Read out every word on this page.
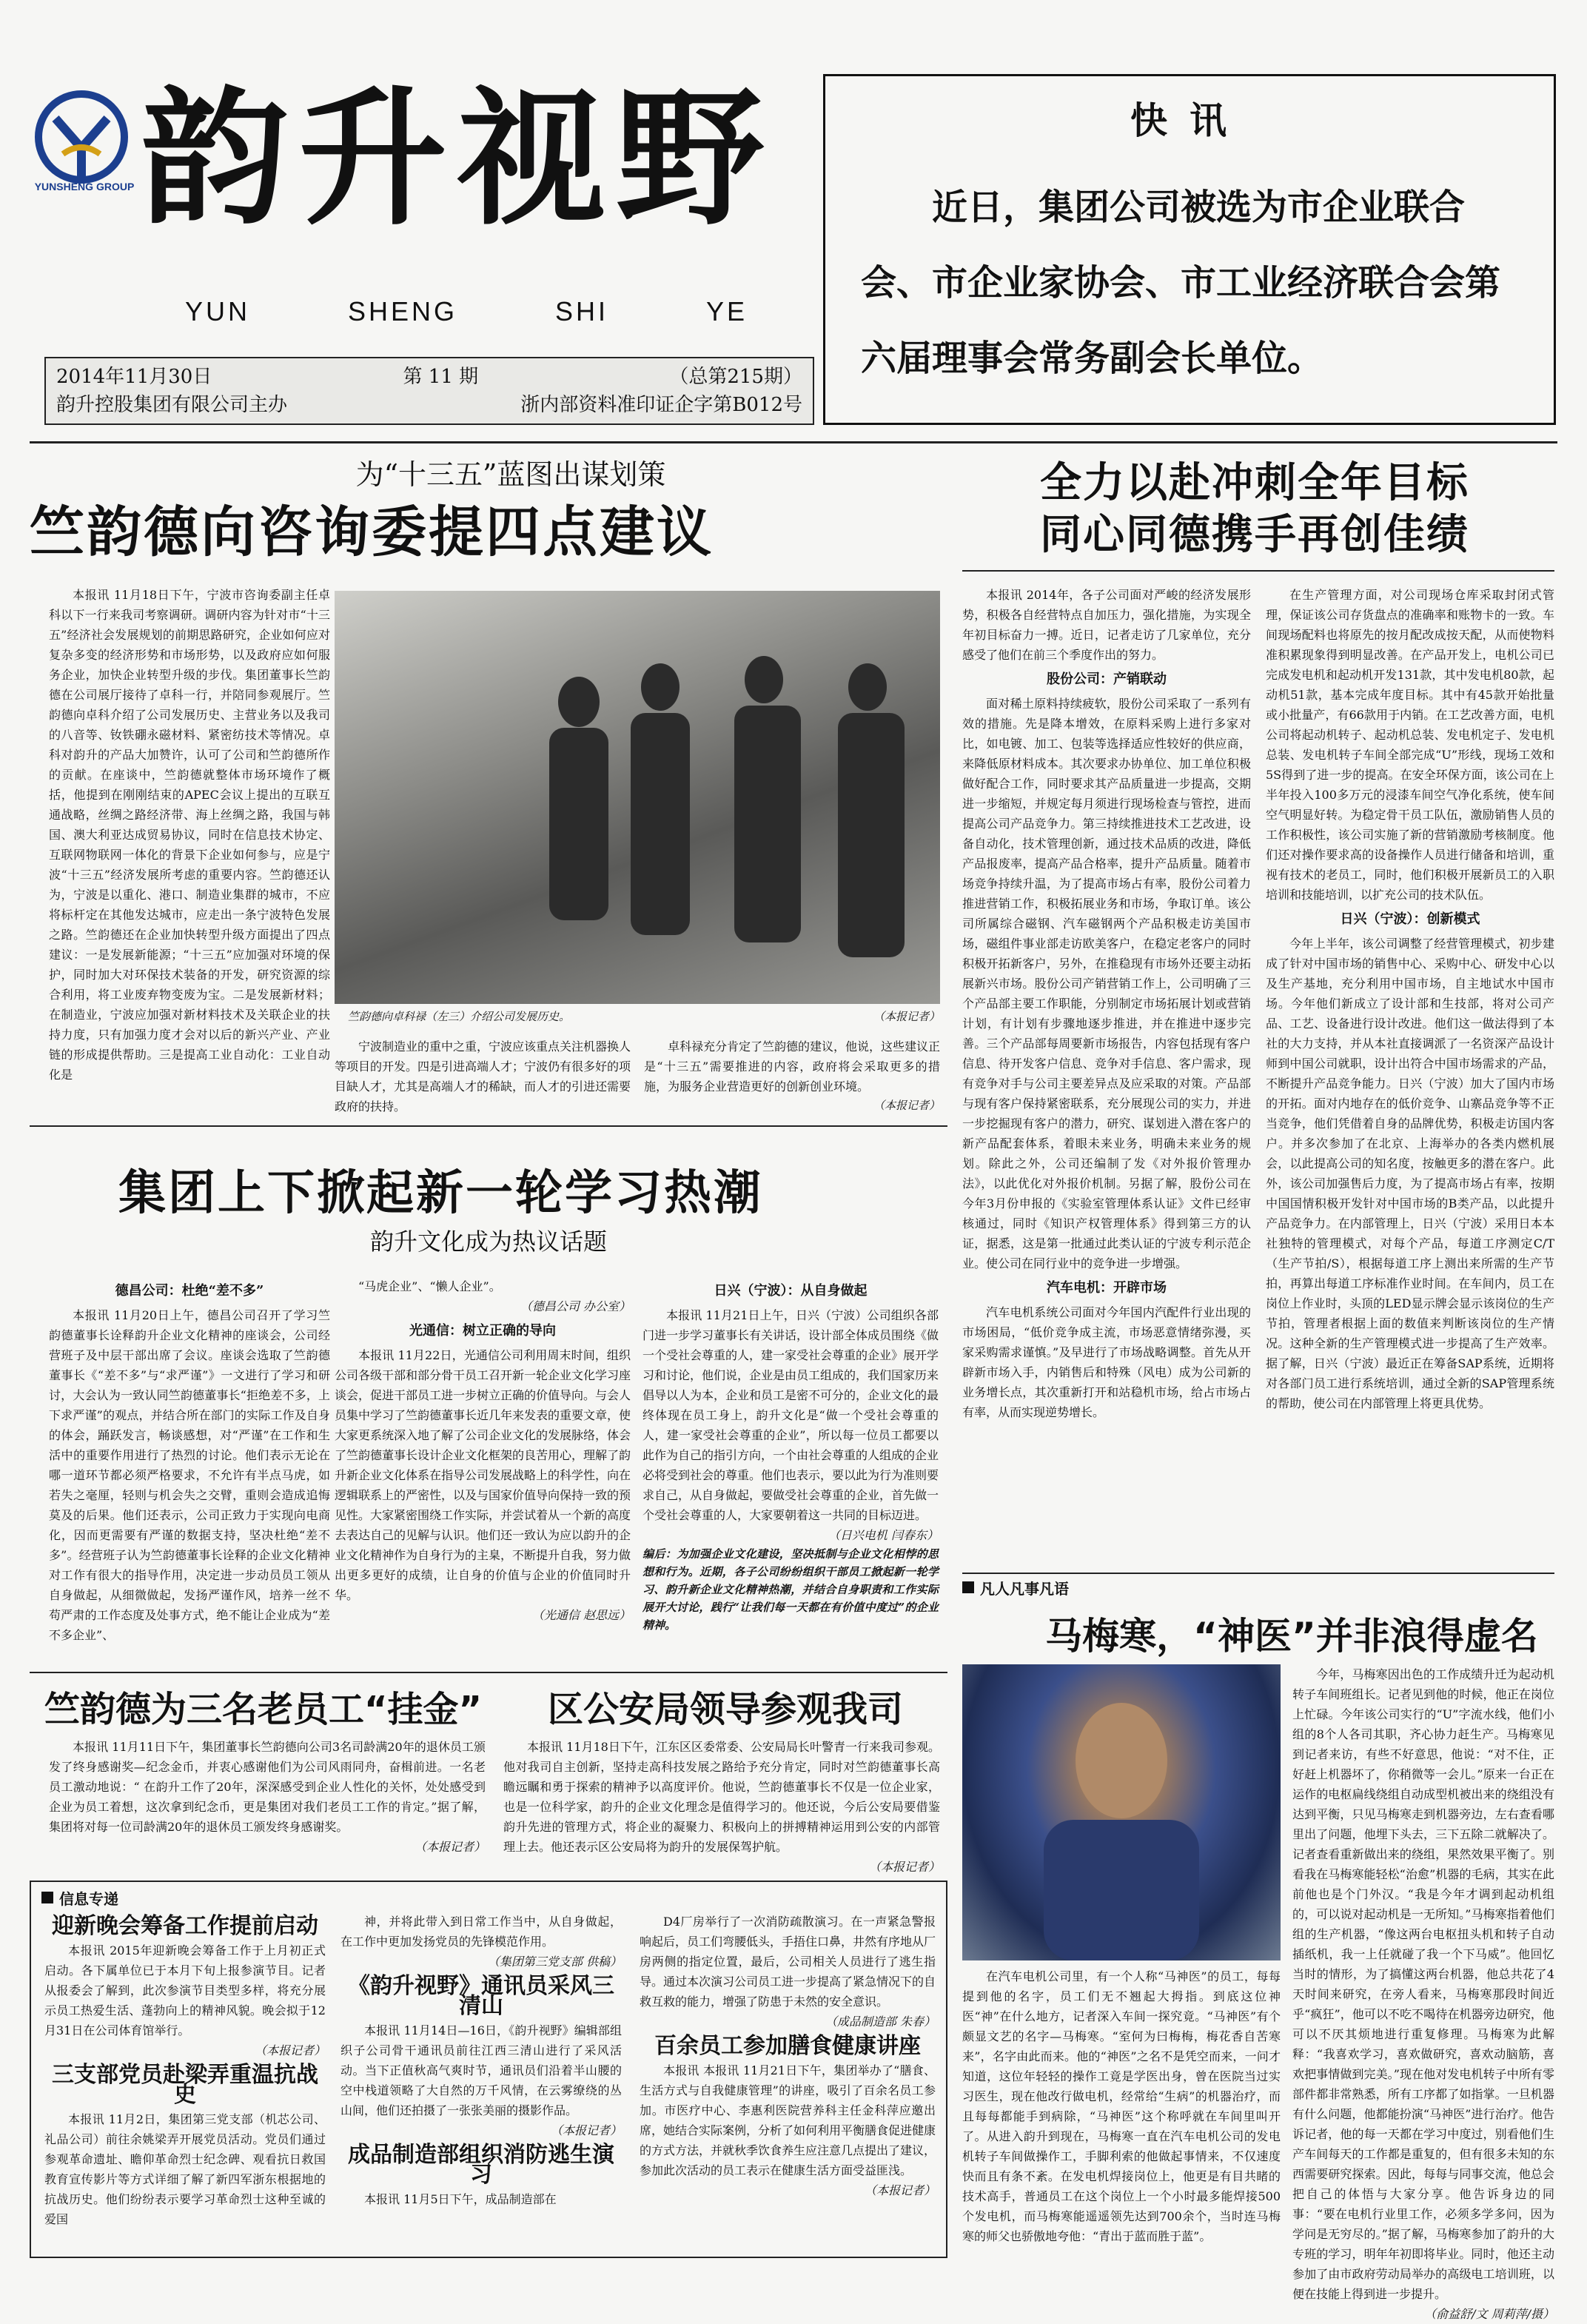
YUNSHENG GROUP 韵升视野
YUN	SHENG	SHI	YE
2014年11月30日	第 11 期	（总第215期）
韵升控股集团有限公司主办	浙内部资料准印证企字第B012号
快讯
近日，集团公司被选为市企业联合会、市企业家协会、市工业经济联合会第六届理事会常务副会长单位。
为“十三五”蓝图出谋划策
竺韵德向咨询委提四点建议

本报讯 11月18日下午，宁波市咨询委副主任卓科以下一行来我司考察调研。调研内容为针对市“十三五”经济社会发展规划的前期思路研究，企业如何应对复杂多变的经济形势和市场形势，以及政府应如何服务企业，加快企业转型升级的步伐。集团董事长竺韵德在公司展厅接待了卓科一行，并陪同参观展厅。竺韵德向卓科介绍了公司发展历史、主营业务以及我司的八音等、钕铁硼永磁材料、紧密纺技术等情况。卓科对韵升的产品大加赞许，认可了公司和竺韵德所作的贡献。在座谈中，竺韵德就整体市场环境作了概括，他提到在刚刚结束的APEC会议上提出的互联互通战略，丝绸之路经济带、海上丝绸之路，我国与韩国、澳大利亚达成贸易协议，同时在信息技术协定、互联网物联网一体化的背景下企业如何参与，应是宁波“十三五”经济发展所考虑的重要内容。竺韵德还认为，宁波是以重化、港口、制造业集群的城市，不应将标杆定在其他发达城市，应走出一条宁波特色发展之路。竺韵德还在企业加快转型升级方面提出了四点建议：一是发展新能源；“十三五”应加强对环境的保护，同时加大对环保技术装备的开发，研究资源的综合利用，将工业废弃物变废为宝。二是发展新材料；在制造业，宁波应加强对新材料技术及关联企业的扶持力度，只有加强力度才会对以后的新兴产业、产业链的形成提供帮助。三是提高工业自动化：工业自动化是

竺韵德向卓科禄（左三）介绍公司发展历史。	（本报记者）

宁波制造业的重中之重，宁波应该重点关注机器换人等项目的开发。四是引进高端人才；宁波仍有很多好的项目缺人才，尤其是高端人才的稀缺，而人才的引进还需要政府的扶持。

卓科禄充分肯定了竺韵德的建议，他说，这些建议正是“十三五”需要推进的内容，政府将会采取更多的措施，为服务企业营造更好的创新创业环境。

（本报记者）
集团上下掀起新一轮学习热潮
韵升文化成为热议话题
德昌公司：杜绝“差不多”

本报讯 11月20日上午，德昌公司召开了学习竺韵德董事长诠释韵升企业文化精神的座谈会，公司经营班子及中层干部出席了会议。座谈会选取了竺韵德董事长《“差不多”与“求严谨”》一文进行了学习和研讨，大会认为一致认同竺韵德董事长“拒绝差不多，上下求严谨”的观点，并结合所在部门的实际工作及自身的体会，踊跃发言，畅谈感想，对“严谨”在工作和生活中的重要作用进行了热烈的讨论。他们表示无论在哪一道环节都必须严格要求，不允许有半点马虎，如若失之毫厘，轻则与机会失之交臂，重则会造成追悔莫及的后果。他们还表示，公司正致力于实现向电商化，因而更需要有严谨的数据支持，坚决杜绝“差不多”。经营班子认为竺韵德董事长诠释的企业文化精神对工作有很大的指导作用，决定进一步动员员工领从自身做起，从细微做起，发扬严谨作风，培养一丝不苟严肃的工作态度及处事方式，绝不能让企业成为“差不多企业”、

“马虎企业”、“懒人企业”。

（德昌公司 办公室）
光通信：树立正确的导向

本报讯 11月22日，光通信公司利用周末时间，组织公司各级干部和部分骨干员工召开新一轮企业文化学习座谈会，促进干部员工进一步树立正确的价值导向。与会人员集中学习了竺韵德董事长近几年来发表的重要文章，使大家更系统深入地了解了公司企业文化的发展脉络，体会了竺韵德董事长设计企业文化框架的良苦用心，理解了韵升新企业文化体系在指导公司发展战略上的科学性，向在逻辑联系上的严密性，以及与国家价值导向保持一致的预见性。大家紧密围绕工作实际，并尝试着从一个新的高度去表达自己的见解与认识。他们还一致认为应以韵升的企业文化精神作为自身行为的主臬，不断提升自我，努力做出更多更好的成绩，让自身的价值与企业的价值同时升华。

（光通信 赵思远）
日兴（宁波）：从自身做起

本报讯 11月21日上午，日兴（宁波）公司组织各部门进一步学习董事长有关讲话，设计部全体成员围绕《做一个受社会尊重的人，建一家受社会尊重的企业》展开学习和讨论，他们说，企业是由员工组成的，我们国家历来倡导以人为本，企业和员工是密不可分的，企业文化的最终体现在员工身上，韵升文化是“做一个受社会尊重的人，建一家受社会尊重的企业”，所以每一位员工都要以此作为自己的指引方向，一个由社会尊重的人组成的企业必将受到社会的尊重。他们也表示，要以此为行为准则要求自己，从自身做起，要做受社会尊重的企业，首先做一个受社会尊重的人，大家要朝着这一共同的目标迈进。

（日兴电机 闫春东）
编后：为加强企业文化建设，坚决抵制与企业文化相悖的思想和行为。近期，各子公司纷纷组织干部员工掀起新一轮学习、韵升新企业文化精神热潮，并结合自身职责和工作实际展开大讨论，践行“让我们每一天都在有价值中度过”的企业精神。
竺韵德为三名老员工“挂金”

本报讯 11月11日下午，集团董事长竺韵德向公司3名司龄满20年的退休员工颁发了终身感谢奖—纪念金币，并衷心感谢他们为公司风雨同舟，奋楫前进。一名老员工激动地说：“ 在韵升工作了20年，深深感受到企业人性化的关怀，处处感受到企业为员工着想，这次拿到纪念币，更是集团对我们老员工工作的肯定。”据了解，集团将对每一位司龄满20年的退休员工颁发终身感谢奖。

（本报记者）
区公安局领导参观我司

本报讯 11月18日下午，江东区区委常委、公安局局长叶警青一行来我司参观。他对我司自主创新，坚持走高科技发展之路给予充分肯定，同时对竺韵德董事长高瞻远瞩和勇于探索的精神予以高度评价。他说，竺韵德董事长不仅是一位企业家，也是一位科学家，韵升的企业文化理念是值得学习的。他还说，今后公安局要借鉴韵升先进的管理方式，将企业的凝聚力、积极向上的拼搏精神运用到公安的内部管理上去。他还表示区公安局将为韵升的发展保驾护航。

（本报记者）
信息专递
迎新晚会筹备工作提前启动

本报讯 2015年迎新晚会筹备工作于上月初正式启动。各下属单位已于本月下旬上报参演节目。记者从报委会了解到，此次参演节目类型多样，将充分展示员工热爱生活、蓬勃向上的精神风貌。晚会拟于12月31日在公司体育馆举行。

（本报记者）
三支部党员赴梁弄重温抗战史

本报讯 11月2日，集团第三党支部（机芯公司、礼品公司）前往余姚梁弄开展党员活动。党员们通过参观革命遗址、瞻仰革命烈士纪念碑、观看抗日救国教育宣传影片等方式详细了解了新四军浙东根据地的抗战历史。他们纷纷表示要学习革命烈士这种至诚的爱国

神，并将此带入到日常工作当中，从自身做起，在工作中更加发扬党员的先锋模范作用。

（集团第三党支部 供稿）
《韵升视野》通讯员采风三清山

本报讯 11月14日—16日，《韵升视野》编辑部组织子公司骨干通讯员前往江西三清山进行了采风活动。当下正值秋高气爽时节，通讯员们沿着半山腰的空中栈道领略了大自然的万千风情，在云雾缭绕的丛山间，他们还拍摄了一张张美丽的摄影作品。

（本报记者）
成品制造部组织消防逃生演习

本报讯 11月5日下午，成品制造部在

D4厂房举行了一次消防疏散演习。在一声紧急警报响起后，员工们弯腰低头，手捂住口鼻，井然有序地从厂房两侧的指定位置，最后，公司相关人员进行了逃生指导。通过本次演习公司员工进一步提高了紧急情况下的自救互救的能力，增强了防患于未然的安全意识。

（成品制造部 朱春）
百余员工参加膳食健康讲座

本报讯 本报讯 11月21日下午，集团举办了“膳食、生活方式与自我健康管理”的讲座，吸引了百余名员工参加。市医疗中心、李惠利医院营养科主任金科萍应邀出席，她结合实际案例，分析了如何利用平衡膳食促进健康的方式方法，并就秋季饮食养生应注意几点提出了建议，参加此次活动的员工表示在健康生活方面受益匪浅。

（本报记者）
全力以赴冲刺全年目标
同心同德携手再创佳绩

本报讯 2014年，各子公司面对严峻的经济发展形势，积极各自经营特点自加压力，强化措施，为实现全年初目标奋力一搏。近日，记者走访了几家单位，充分感受了他们在前三个季度作出的努力。

股份公司：产销联动

面对稀土原料持续疲软，股份公司采取了一系列有效的措施。先是降本增效，在原料采购上进行多家对比，如电镀、加工、包装等选择适应性较好的供应商，来降低原材料成本。其次要求办协单位、加工单位积极做好配合工作，同时要求其产品质量进一步提高，交期进一步缩短，并规定每月须进行现场检查与管控，进而提高公司产品竞争力。第三持续推进技术工艺改进，设备自动化，技术管理创新，通过技术品质的改进，降低产品报废率，提高产品合格率，提升产品质量。随着市场竞争持续升温，为了提高市场占有率，股份公司着力推进营销工作，积极拓展业务和市场，争取订单。该公司所属综合磁钢、汽车磁钢两个产品积极走访美国市场，磁组件事业部走访欧美客户，在稳定老客户的同时积极开拓新客户，另外，在推稳现有市场外还要主动拓展新兴市场。股份公司产销营销工作上，公司明确了三个产品部主要工作职能，分别制定市场拓展计划或营销计划，有计划有步骤地逐步推进，并在推进中逐步完善。三个产品部每周要新市场报告，内容包括现有客户信息、待开发客户信息、竞争对手信息、客户需求，现有竞争对手与公司主要差异点及应采取的对策。产品部与现有客户保持紧密联系，充分展现公司的实力，并进一步挖掘现有客户的潜力，研究、谋划进入潜在客户的新产品配套体系，着眼未来业务，明确未来业务的规划。除此之外，公司还编制了发《对外报价管理办法》，以此优化对外报价机制。另据了解，股份公司在今年3月份申报的《实验室管理体系认证》文件已经审核通过，同时《知识产权管理体系》得到第三方的认证，据悉，这是第一批通过此类认证的宁波专利示范企业。使公司在同行业中的竞争进一步增强。

汽车电机：开辟市场

汽车电机系统公司面对今年国内汽配件行业出现的市场困局，“低价竞争成主流，市场恶意情绪弥漫，买家采购需求谨慎。”及早进行了市场战略调整。首先从开辟新市场入手，内销售后和特殊（风电）成为公司新的业务增长点，其次重新打开和站稳机市场，给占市场占有率，从而实现逆势增长。

在生产管理方面，对公司现场仓库采取封闭式管理，保证该公司存货盘点的准确率和账物卡的一致。车间现场配料也将原先的按月配改成按天配，从而使物料准积累现象得到明显改善。在产品开发上，电机公司已完成发电机和起动机开发131款，其中发电机80款，起动机51款，基本完成年度目标。其中有45款开始批量或小批量产，有66款用于内销。在工艺改善方面，电机公司将起动机转子、起动机总装、发电机定子、发电机总装、发电机转子车间全部完成“U”形线，现场工效和5S得到了进一步的提高。在安全环保方面，该公司在上半年投入100多万元的浸漆车间空气净化系统，使车间空气明显好转。为稳定骨干员工队伍，激励销售人员的工作积极性，该公司实施了新的营销激励考核制度。他们还对操作要求高的设备操作人员进行储备和培训，重视有技术的老员工，同时，他们积极开展新员工的入职培训和技能培训，以扩充公司的技术队伍。

日兴（宁波）：创新模式

今年上半年，该公司调整了经营管理模式，初步建成了针对中国市场的销售中心、采购中心、研发中心以及生产基地，充分利用中国市场，自主地试水中国市场。今年他们新成立了设计部和生技部，将对公司产品、工艺、设备进行设计改进。他们这一做法得到了本社的大力支持，并从本社直接调派了一名资深产品设计师到中国公司就职，设计出符合中国市场需求的产品，不断提升产品竞争能力。日兴（宁波）加大了国内市场的开拓。面对内地存在的低价竞争、山寨品竞争等不正当竞争，他们凭借着自身的品牌优势，积极走访国内客户。并多次参加了在北京、上海举办的各类内燃机展会，以此提高公司的知名度，按触更多的潜在客户。此外，该公司加强售后力度，为了提高市场占有率，按期中国国情积极开发针对中国市场的B类产品，以此提升产品竞争力。在内部管理上，日兴（宁波）采用日本本社独特的管理模式，对每个产品，每道工序测定C/T（生产节拍/S），根据每道工序上测出来所需的生产节拍，再算出每道工序标准作业时间。在车间内，员工在岗位上作业时，头顶的LED显示牌会显示该岗位的生产节拍，管理者根据上面的数值来判断该岗位的生产情况。这种全新的生产管理模式进一步提高了生产效率。据了解，日兴（宁波）最近正在筹备SAP系统，近期将对各部门员工进行系统培训，通过全新的SAP管理系统的帮助，使公司在内部管理上将更具优势。

凡人凡事凡语
马梅寒，“神医”并非浪得虚名

在汽车电机公司里，有一个人称“马神医”的员工，每每提到他的名字，员工们无不翘起大拇指。到底这位神医“神”在什么地方，记者深入车间一探究竟。“马神医”有个颇显文艺的名字—马梅寒。“室何为曰梅梅，梅花香自苦寒来”，名字由此而来。他的“神医”之名不是凭空而来，一问才知道，这位年轻轻的操作工竟是学医出身，曾在医院当过实习医生，现在他改行做电机，经常给“生病”的机器治疗，而且每每都能手到病除，“马神医”这个称呼就在车间里叫开了。从进入韵升到现在，马梅寒一直在汽车电机公司的发电机转子车间做操作工，手脚利索的他做起事情来，不仅速度快而且有条不紊。在发电机焊接岗位上，他更是有目共睹的技术高手，普通员工在这个岗位上一个小时最多能焊接500个发电机，而马梅寒能遥遥领先达到700余个，当时连马梅寒的师父也骄傲地夸他：“青出于蓝而胜于蓝”。

今年，马梅寒因出色的工作成绩升迁为起动机转子车间班组长。记者见到他的时候，他正在岗位上忙碌。今年该公司实行的“U”字流水线，他们小组的8个人各司其职，齐心协力赶生产。马梅寒见到记者来访，有些不好意思，他说：“对不住，正好赶上机器坏了，你稍微等一会儿。”原来一台正在运作的电枢扁线绕组自动成型机被出来的绕组没有达到平衡，只见马梅寒走到机器旁边，左右查看哪里出了问题，他埋下头去，三下五除二就解决了。记者查看重新做出来的绕组，果然效果平衡了。别看我在马梅寒能轻松“治愈”机器的毛病，其实在此前他也是个门外汉。“我是今年才调到起动机组的，可以说对起动机是一无所知。”马梅寒指着他们组的生产机器，“像这两台电枢扭头机和转子自动插纸机，我一上任就碰了我一个下马威”。他回忆当时的情形，为了搞懂这两台机器，他总共花了4天时间来研究，在旁人看来，马梅寒那段时间近乎“疯狂”，他可以不吃不喝待在机器旁边研究，他可以不厌其烦地进行重复修理。马梅寒为此解释：“我喜欢学习，喜欢做研究，喜欢动脑筋，喜欢把事情做到完美。”现在他对发电机转子中所有零部件都非常熟悉，所有工序都了如指掌。一旦机器有什么问题，他都能扮演“马神医”进行治疗。他告诉记者，他的每一天都在学习中度过，别看他们生产车间每天的工作都是重复的，但有很多未知的东西需要研究探索。因此，每每与同事交流，他总会把自己的体悟与大家分享。他告诉身边的同事：“要在电机行业里工作，必须多学多问，因为学问是无穷尽的。”据了解，马梅寒参加了韵升的大专班的学习，明年年初即将毕业。同时，他还主动参加了由市政府劳动局举办的高级电工培训班，以便在技能上得到进一步提升。

（俞益舒/文 周莉萍/摄）
